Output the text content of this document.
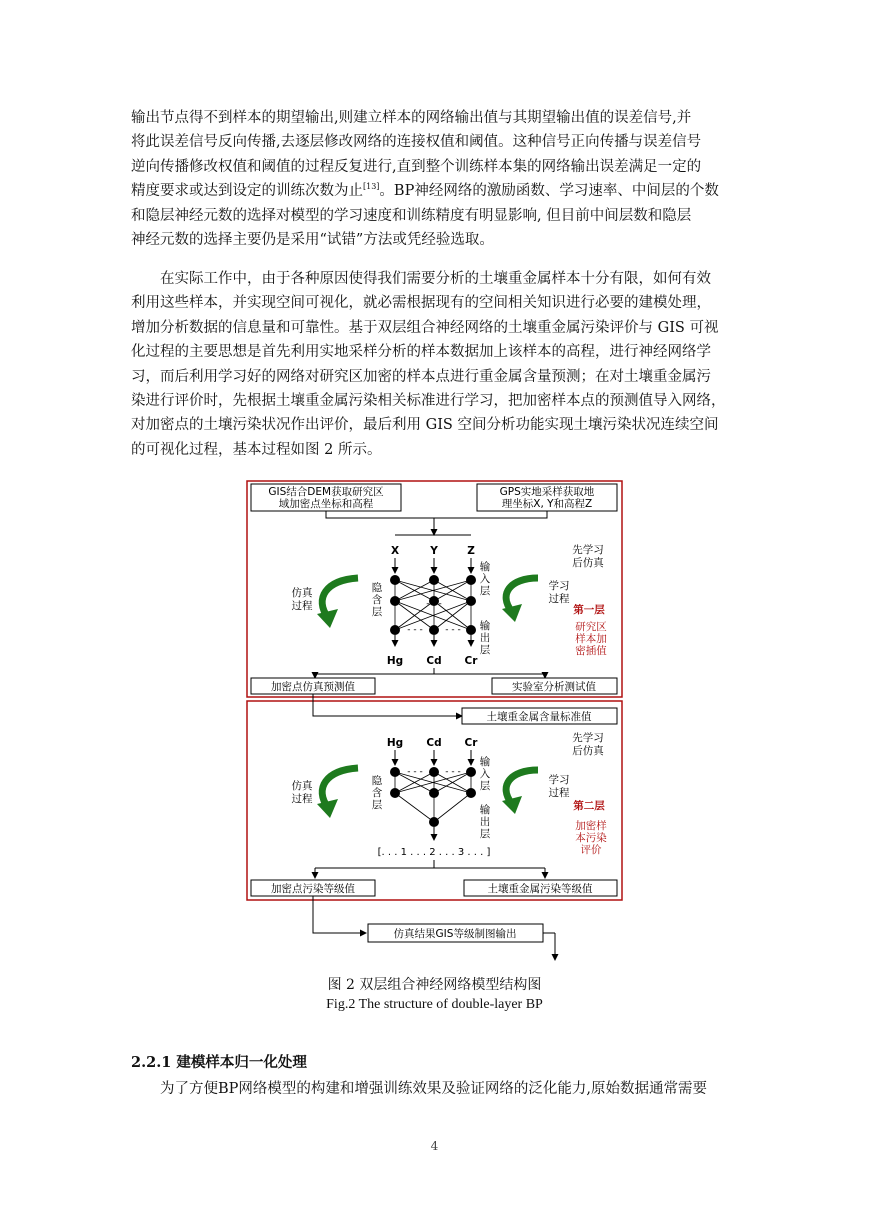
输出节点得不到样本的期望输出,则建立样本的网络输出值与其期望输出值的误差信号,并
将此误差信号反向传播,去逐层修改网络的连接权值和阈值。这种信号正向传播与误差信号
逆向传播修改权值和阈值的过程反复进行,直到整个训练样本集的网络输出误差满足一定的
精度要求或达到设定的训练次数为止[13]。BP神经网络的激励函数、学习速率、中间层的个数
和隐层神经元数的选择对模型的学习速度和训练精度有明显影响, 但目前中间层数和隐层
神经元数的选择主要仍是采用“试错”方法或凭经验选取。
在实际工作中，由于各种原因使得我们需要分析的土壤重金属样本十分有限，如何有效
利用这些样本，并实现空间可视化，就必需根据现有的空间相关知识进行必要的建模处理，
增加分析数据的信息量和可靠性。基于双层组合神经网络的土壤重金属污染评价与 GIS 可视
化过程的主要思想是首先利用实地采样分析的样本数据加上该样本的高程，进行神经网络学
习，而后利用学习好的网络对研究区加密的样本点进行重金属含量预测；在对土壤重金属污
染进行评价时，先根据土壤重金属污染相关标准进行学习，把加密样本点的预测值导入网络，
对加密点的土壤污染状况作出评价，最后利用 GIS 空间分析功能实现土壤污染状况连续空间
的可视化过程，基本过程如图 2 所示。
GIS结合DEM获取研究区
域加密点坐标和高程
GPS实地采样获取地
理坐标X, Y和高程Z
X	Y	Z
- - -
- - -	- - -
Hg Cd Cr
隐
含
层
输
入
层
输
出
层
仿真
过程
学习
过程
先学习
后仿真
第一层
研究区
样本加
密插值
加密点仿真预测值	实验室分析测试值
土壤重金属含量标准值
Hg Cd Cr
- - -	- - -
[. . . 1 . . . 2 . . . 3 . . . ]
隐
含
层
输
入
层
输
出
层
仿真
过程
学习
过程
先学习
后仿真
第二层
加密样
本污染
评价
加密点污染等级值	土壤重金属污染等级值
仿真结果GIS等级制图输出
图 2 双层组合神经网络模型结构图
Fig.2 The structure of double-layer BP
2.2.1 建模样本归一化处理
为了方便BP网络模型的构建和增强训练效果及验证网络的泛化能力,原始数据通常需要
4
